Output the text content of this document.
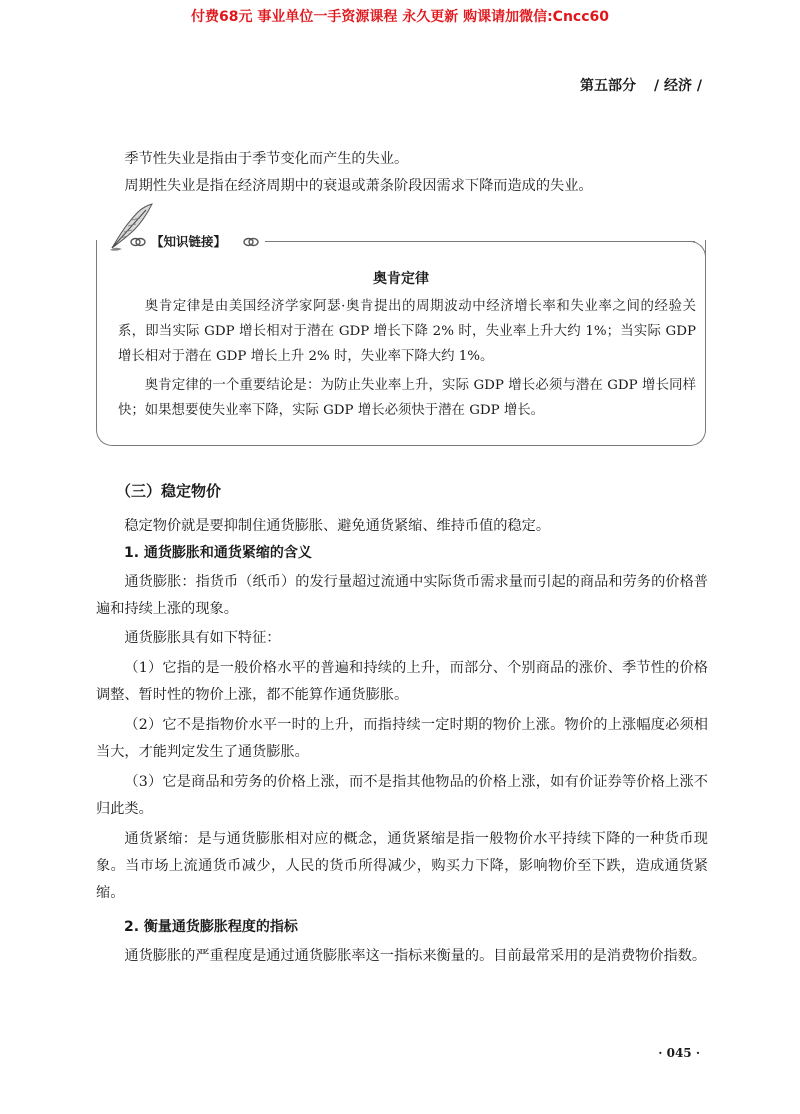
付费68元 事业单位一手资源课程 永久更新 购课请加微信:Cncc60
第五部分 / 经济 /

季节性失业是指由于季节变化而产生的失业。

周期性失业是指在经济周期中的衰退或萧条阶段因需求下降而造成的失业。

【知识链接】
奥肯定律

奥肯定律是由美国经济学家阿瑟·奥肯提出的周期波动中经济增长率和失业率之间的经验关系，即当实际 GDP 增长相对于潜在 GDP 增长下降 2% 时，失业率上升大约 1%；当实际 GDP 增长相对于潜在 GDP 增长上升 2% 时，失业率下降大约 1%。

奥肯定律的一个重要结论是：为防止失业率上升，实际 GDP 增长必须与潜在 GDP 增长同样快；如果想要使失业率下降，实际 GDP 增长必须快于潜在 GDP 增长。

（三）稳定物价

稳定物价就是要抑制住通货膨胀、避免通货紧缩、维持币值的稳定。

1. 通货膨胀和通货紧缩的含义

通货膨胀：指货币（纸币）的发行量超过流通中实际货币需求量而引起的商品和劳务的价格普遍和持续上涨的现象。

通货膨胀具有如下特征：

（1）它指的是一般价格水平的普遍和持续的上升，而部分、个别商品的涨价、季节性的价格调整、暂时性的物价上涨，都不能算作通货膨胀。

（2）它不是指物价水平一时的上升，而指持续一定时期的物价上涨。物价的上涨幅度必须相当大，才能判定发生了通货膨胀。

（3）它是商品和劳务的价格上涨，而不是指其他物品的价格上涨，如有价证券等价格上涨不归此类。

通货紧缩：是与通货膨胀相对应的概念，通货紧缩是指一般物价水平持续下降的一种货币现象。当市场上流通货币减少，人民的货币所得减少，购买力下降，影响物价至下跌，造成通货紧缩。

2. 衡量通货膨胀程度的指标

通货膨胀的严重程度是通过通货膨胀率这一指标来衡量的。目前最常采用的是消费物价指数。

· 045 ·
